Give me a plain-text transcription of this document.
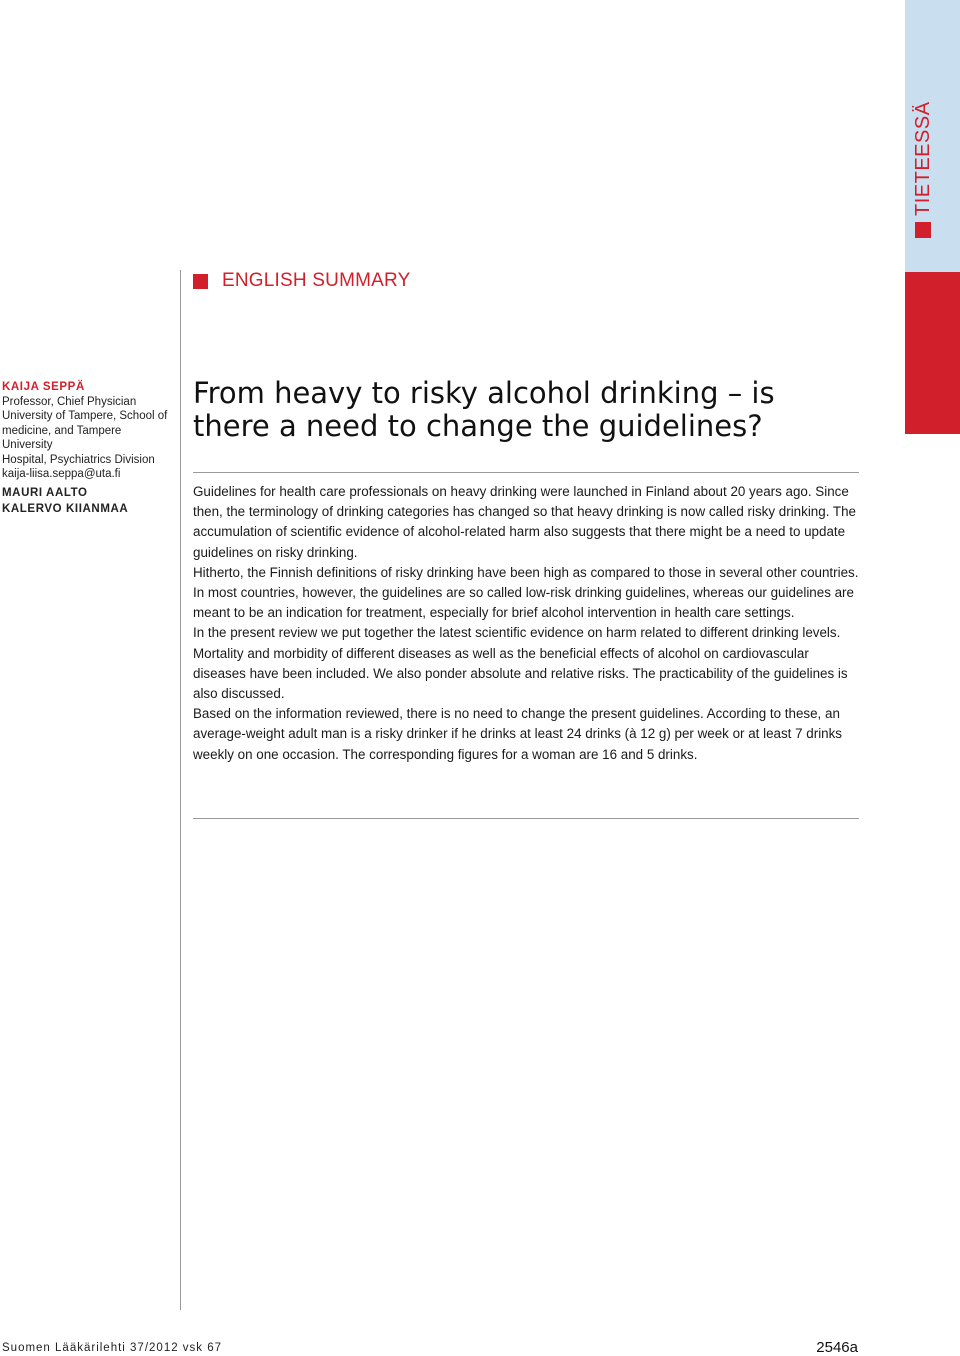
TIETEESSÄ
ENGLISH SUMMARY
KAIJA SEPPÄ
Professor, Chief Physician
University of Tampere, School of
medicine, and Tampere University
Hospital, Psychiatrics Division
kaija-liisa.seppa@uta.fi
MAURI AALTO
KALERVO KIIANMAA
From heavy to risky alcohol drinking – is
there a need to change the guidelines?

Guidelines for health care professionals on heavy drinking were launched in Finland about 20 years ago. Since then, the terminology of drinking categories has changed so that heavy drinking is now called risky drinking. The accumulation of scientific evidence of alcohol-related harm also suggests that there might be a need to update guidelines on risky drinking.

Hitherto, the Finnish definitions of risky drinking have been high as compared to those in several other countries. In most countries, however, the guidelines are so called low-risk drinking guidelines, whereas our guidelines are meant to be an indication for treatment, especially for brief alcohol intervention in health care settings.

In the present review we put together the latest scientific evidence on harm related to different drinking levels. Mortality and morbidity of different diseases as well as the beneficial effects of alcohol on cardiovascular diseases have been included. We also ponder absolute and relative risks. The practicability of the guidelines is also discussed.

Based on the information reviewed, there is no need to change the present guidelines. According to these, an average-weight adult man is a risky drinker if he drinks at least 24 drinks (à 12 g) per week or at least 7 drinks weekly on one occasion. The corresponding figures for a woman are 16 and 5 drinks.

Suomen Lääkärilehti 37/2012 vsk 67	2546a
